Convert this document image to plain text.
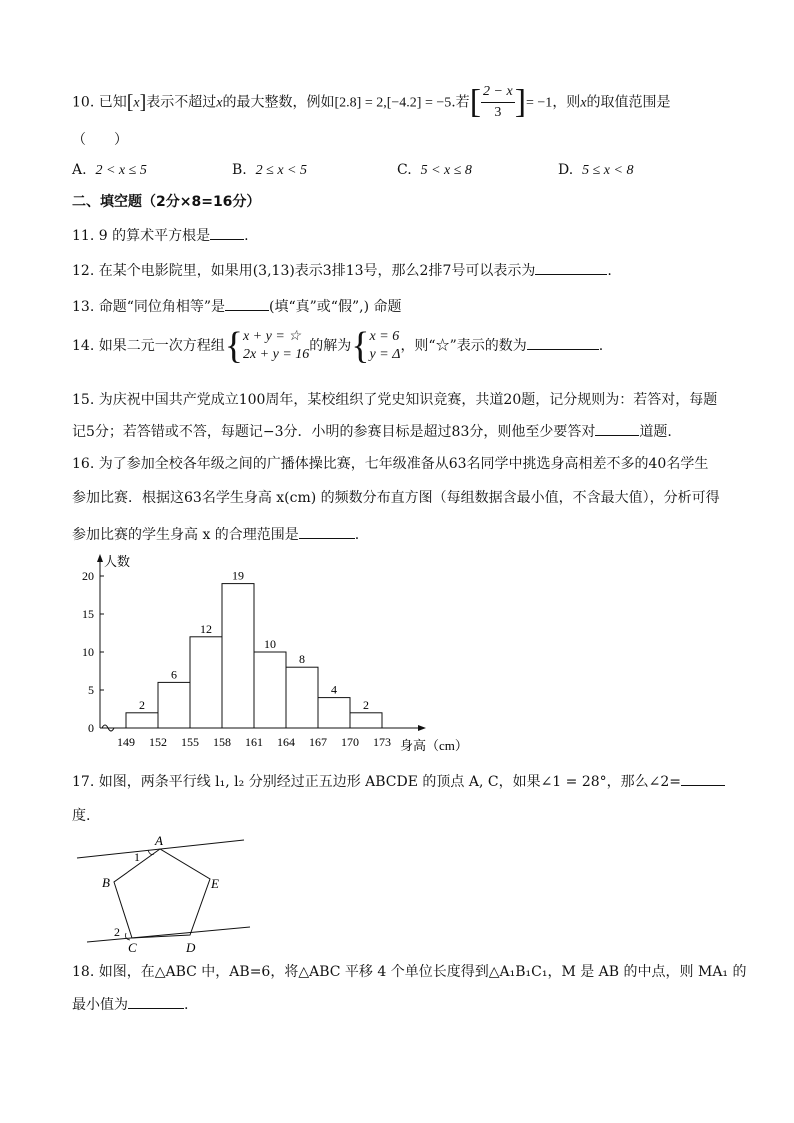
10. 已知[x]表示不超过x的最大整数，例如[2.8] = 2,[−4.2] = −5.若[ $\frac{2 - x}{3}$ ]= −1，则x的取值范围是
（　　）
A. 2 < x ≤ 5	B. 2 ≤ x < 5	C. 5 < x ≤ 8	D. 5 ≤ x < 8
二、填空题（2分×8=16分）
11. 9 的算术平方根是 .
12. 在某个电影院里，如果用(3,13)表示3排13号，那么2排7号可以表示为	.
13. 命题“同位角相等”是	(填“真”或“假”,) 命题
14. 如果二元一次方程组{ x + y = ☆
2x + y = 16
的解为{ x = 6
y = Δ
，则“☆”表示的数为	.
15. 为庆祝中国共产党成立100周年，某校组织了党史知识竞赛，共道20题，记分规则为：若答对，每题
记5分；若答错或不答，每题记−3分．小明的参赛目标是超过83分，则他至少要答对	道题.
16. 为了参加全校各年级之间的广播体操比赛，七年级准备从63名同学中挑选身高相差不多的40名学生
参加比赛．根据这63名学生身高 x(cm) 的频数分布直方图（每组数据含最小值，不含最大值），分析可得
参加比赛的学生身高 x 的合理范围是	.
0
5
10
15
20
人数
2
6
12
19
10
8
4
2
149 152 155 158 161 164 167 170 173 身高（cm）
17. 如图，两条平行线 l₁, l₂ 分别经过正五边形 ABCDE 的顶点 A, C，如果∠1 = 28°，那么∠2=
度.
A
B
C	D
E
1
2
18. 如图，在△ABC 中，AB=6，将△ABC 平移 4 个单位长度得到△A₁B₁C₁，M 是 AB 的中点，则 MA₁ 的
最小值为	.
